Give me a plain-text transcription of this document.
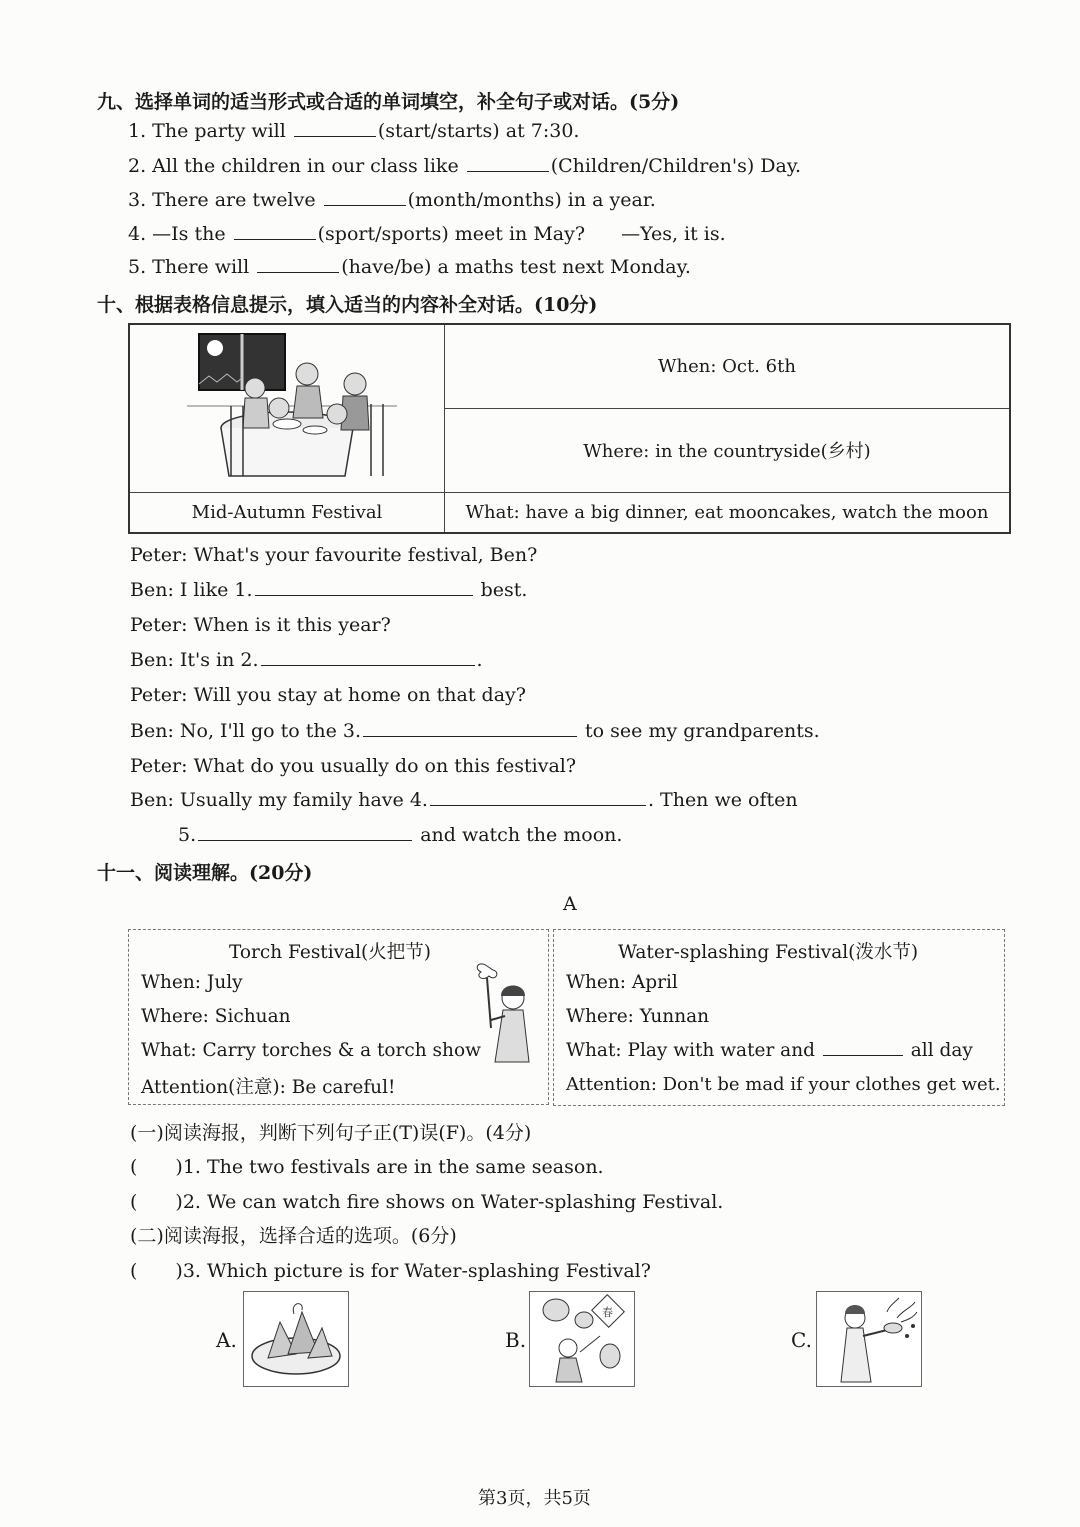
九、选择单词的适当形式或合适的单词填空，补全句子或对话。(5分)
1. The party will	(start/starts) at 7:30.
2. All the children in our class like	(Children/Children's) Day.
3. There are twelve	(month/months) in a year.
4. —Is the	(sport/sports) meet in May? —Yes, it is.
5. There will	(have/be) a maths test next Monday.
十、根据表格信息提示，填入适当的内容补全对话。(10分)
	When: Oct. 6th
	Where: in the countryside(乡村)
Mid-Autumn Festival	What: have a big dinner, eat mooncakes, watch the moon
Peter: What's your favourite festival, Ben?
Ben: I like 1.	best.
Peter: When is it this year?
Ben: It's in 2.	.
Peter: Will you stay at home on that day?
Ben: No, I'll go to the 3.	to see my grandparents.
Peter: What do you usually do on this festival?
Ben: Usually my family have 4.	. Then we often
5.	and watch the moon.
十一、阅读理解。(20分)
A
Torch Festival(火把节)
When: July
Where: Sichuan
What: Carry torches & a torch show
Attention(注意): Be careful!
Water-splashing Festival(泼水节)
When: April
Where: Yunnan
What: Play with water and	all day
Attention: Don't be mad if your clothes get wet.
(一)阅读海报，判断下列句子正(T)误(F)。(4分)
(　　)1. The two festivals are in the same season.
(　　)2. We can watch fire shows on Water-splashing Festival.
(二)阅读海报，选择合适的选项。(6分)
(　　)3. Which picture is for Water-splashing Festival?
A.	B.
春
C.
第3页，共5页
